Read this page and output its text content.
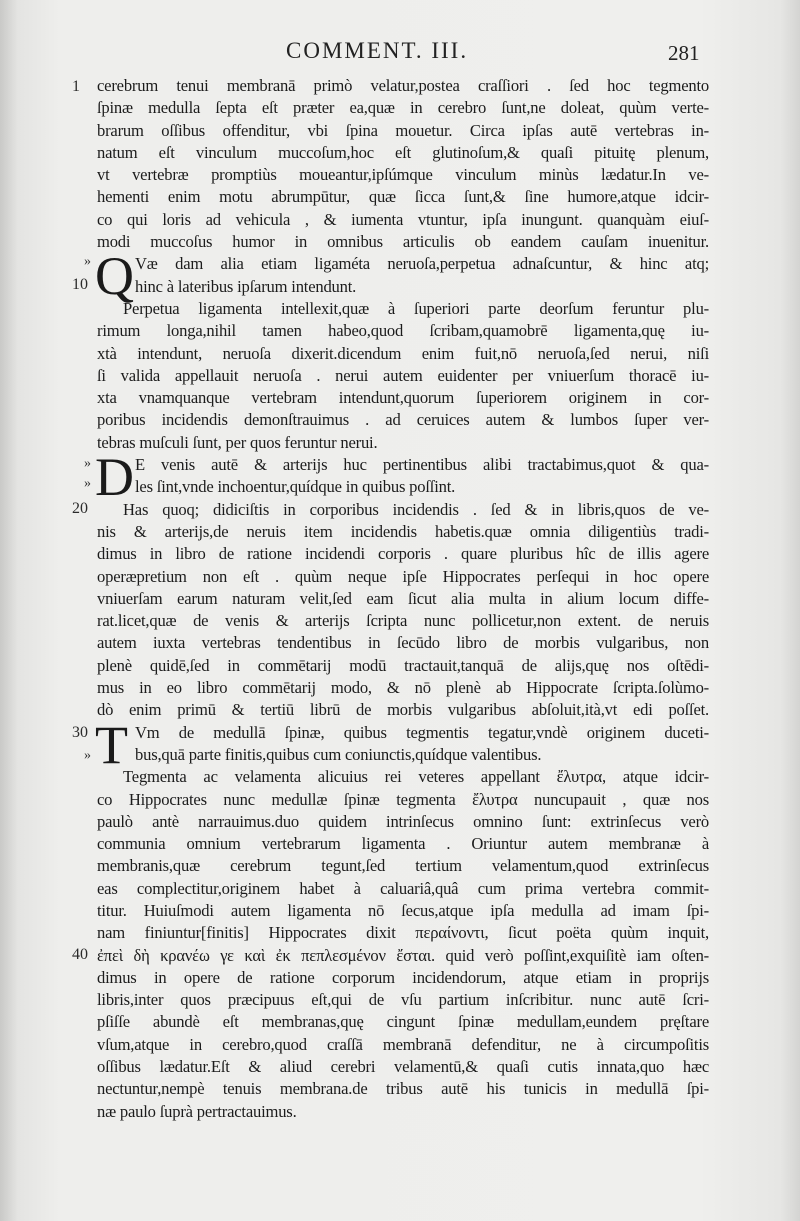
COMMENT. III.	281
1
10
20
30
40
»
»
»
»
cerebrum tenui membranā primò velatur,postea craſſiori . ſed hoc tegmento
ſpinæ medulla ſepta eſt præter ea,quæ in cerebro ſunt,ne doleat, quùm verte-
brarum oſſibus offenditur, vbi ſpina mouetur. Circa ipſas autē vertebras in-
natum eſt vinculum muccoſum,hoc eſt glutinoſum,& quaſi pituitę plenum,
vt vertebræ promptiùs moueantur,ipſúmque vinculum minùs lædatur.In ve-
hementi enim motu abrumpūtur, quæ ſicca ſunt,& ſine humore,atque idcir-
co qui loris ad vehicula , & iumenta vtuntur, ipſa inungunt. quanquàm eiuſ-
modi muccoſus humor in omnibus articulis ob eandem cauſam inuenitur.
Q Væ dam alia etiam ligaméta neruoſa,perpetua adnaſcuntur, & hinc atq;
hinc à lateribus ipſarum intendunt.
Perpetua ligamenta intellexit,quæ à ſuperiori parte deorſum feruntur plu-
rimum longa,nihil tamen habeo,quod ſcribam,quamobrē ligamenta,quę iu-
xtà intendunt, neruoſa dixerit.dicendum enim fuit,nō neruoſa,ſed nerui, niſi
ſi valida appellauit neruoſa . nerui autem euidenter per vniuerſum thoracē iu-
xta vnamquanque vertebram intendunt,quorum ſuperiorem originem in cor-
poribus incidendis demonſtrauimus . ad ceruices autem & lumbos ſuper ver-
tebras muſculi ſunt, per quos feruntur nerui.
D E venis autē & arterijs huc pertinentibus alibi tractabimus,quot & qua-
les ſint,vnde inchoentur,quídque in quibus poſſint.
Has quoq; didiciſtis in corporibus incidendis . ſed & in libris,quos de ve-
nis & arterijs,de neruis item incidendis habetis.quæ omnia diligentiùs tradi-
dimus in libro de ratione incidendi corporis . quare pluribus hîc de illis agere
operæpretium non eſt . quùm neque ipſe Hippocrates perſequi in hoc opere
vniuerſam earum naturam velit,ſed eam ſicut alia multa in alium locum diffe-
rat.licet,quæ de venis & arterijs ſcripta nunc pollicetur,non extent. de neruis
autem iuxta vertebras tendentibus in ſecūdo libro de morbis vulgaribus, non
plenè quidē,ſed in commētarij modū tractauit,tanquā de alijs,quę nos oſtēdi-
mus in eo libro commētarij modo, & nō plenè ab Hippocrate ſcripta.ſolùmo-
dò enim primū & tertiū librū de morbis vulgaribus abſoluit,ità,vt edi poſſet.
T Vm de medullā ſpinæ, quibus tegmentis tegatur,vndè originem duceti-
bus,quā parte finitis,quibus cum coniunctis,quídque valentibus.
Tegmenta ac velamenta alicuius rei veteres appellant ἔλυτρα, atque idcir-
co Hippocrates nunc medullæ ſpinæ tegmenta ἔλυτρα nuncupauit , quæ nos
paulò antè narrauimus.duo quidem intrinſecus omnino ſunt: extrinſecus verò
communia omnium vertebrarum ligamenta . Oriuntur autem membranæ à
membranis,quæ cerebrum tegunt,ſed tertium velamentum,quod extrinſecus
eas complectitur,originem habet à caluariâ,quâ cum prima vertebra commit-
titur. Huiuſmodi autem ligamenta nō ſecus,atque ipſa medulla ad imam ſpi-
nam finiuntur[finitis] Hippocrates dixit περαίνοντι, ſicut poëta quùm inquit,
ἐπεὶ δὴ κρανέω γε καὶ ἐκ πεπλεσμένον ἔσται. quid verò poſſint,exquiſitè iam oſten-
dimus in opere de ratione corporum incidendorum, atque etiam in proprijs
libris,inter quos præcipuus eſt,qui de vſu partium inſcribitur. nunc autē ſcri-
pſiſſe abundè eſt membranas,quę cingunt ſpinæ medullam,eundem pręſtare
vſum,atque in cerebro,quod craſſā membranā defenditur, ne à circumpoſitis
oſſibus lædatur.Eſt & aliud cerebri velamentū,& quaſi cutis innata,quo hæc
nectuntur,nempè tenuis membrana.de tribus autē his tunicis in medullā ſpi-
næ paulo ſuprà pertractauimus.
